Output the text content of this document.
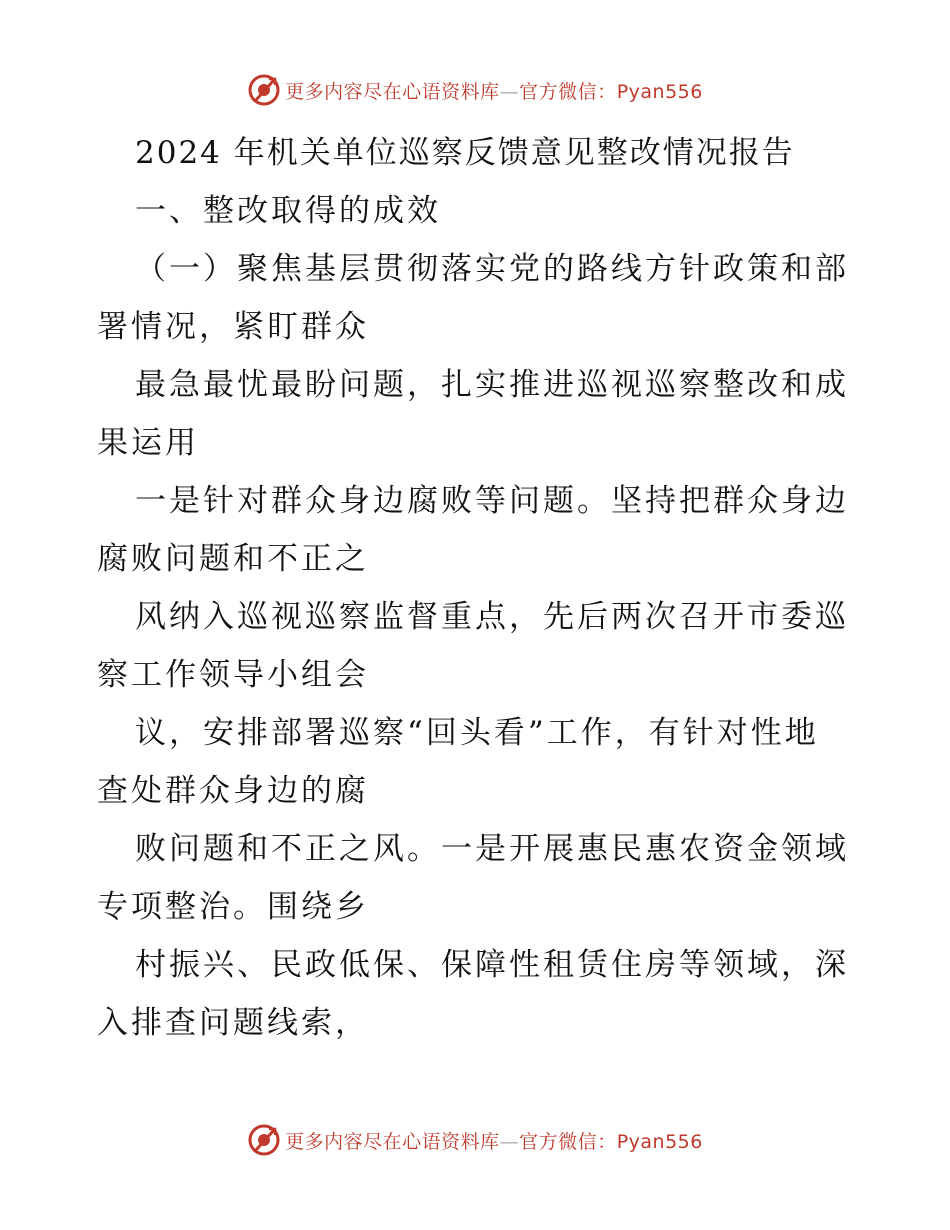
更多内容尽在心语资料库—官方微信：Pyan556
2024 年机关单位巡察反馈意见整改情况报告
一、整改取得的成效
（一）聚焦基层贯彻落实党的路线方针政策和部
署情况，紧盯群众
最急最忧最盼问题，扎实推进巡视巡察整改和成
果运用
一是针对群众身边腐败等问题。坚持把群众身边
腐败问题和不正之
风纳入巡视巡察监督重点，先后两次召开市委巡
察工作领导小组会
议，安排部署巡察“回头看”工作，有针对性地
查处群众身边的腐
败问题和不正之风。一是开展惠民惠农资金领域
专项整治。围绕乡
村振兴、民政低保、保障性租赁住房等领域，深
入排查问题线索，
更多内容尽在心语资料库—官方微信：Pyan556
